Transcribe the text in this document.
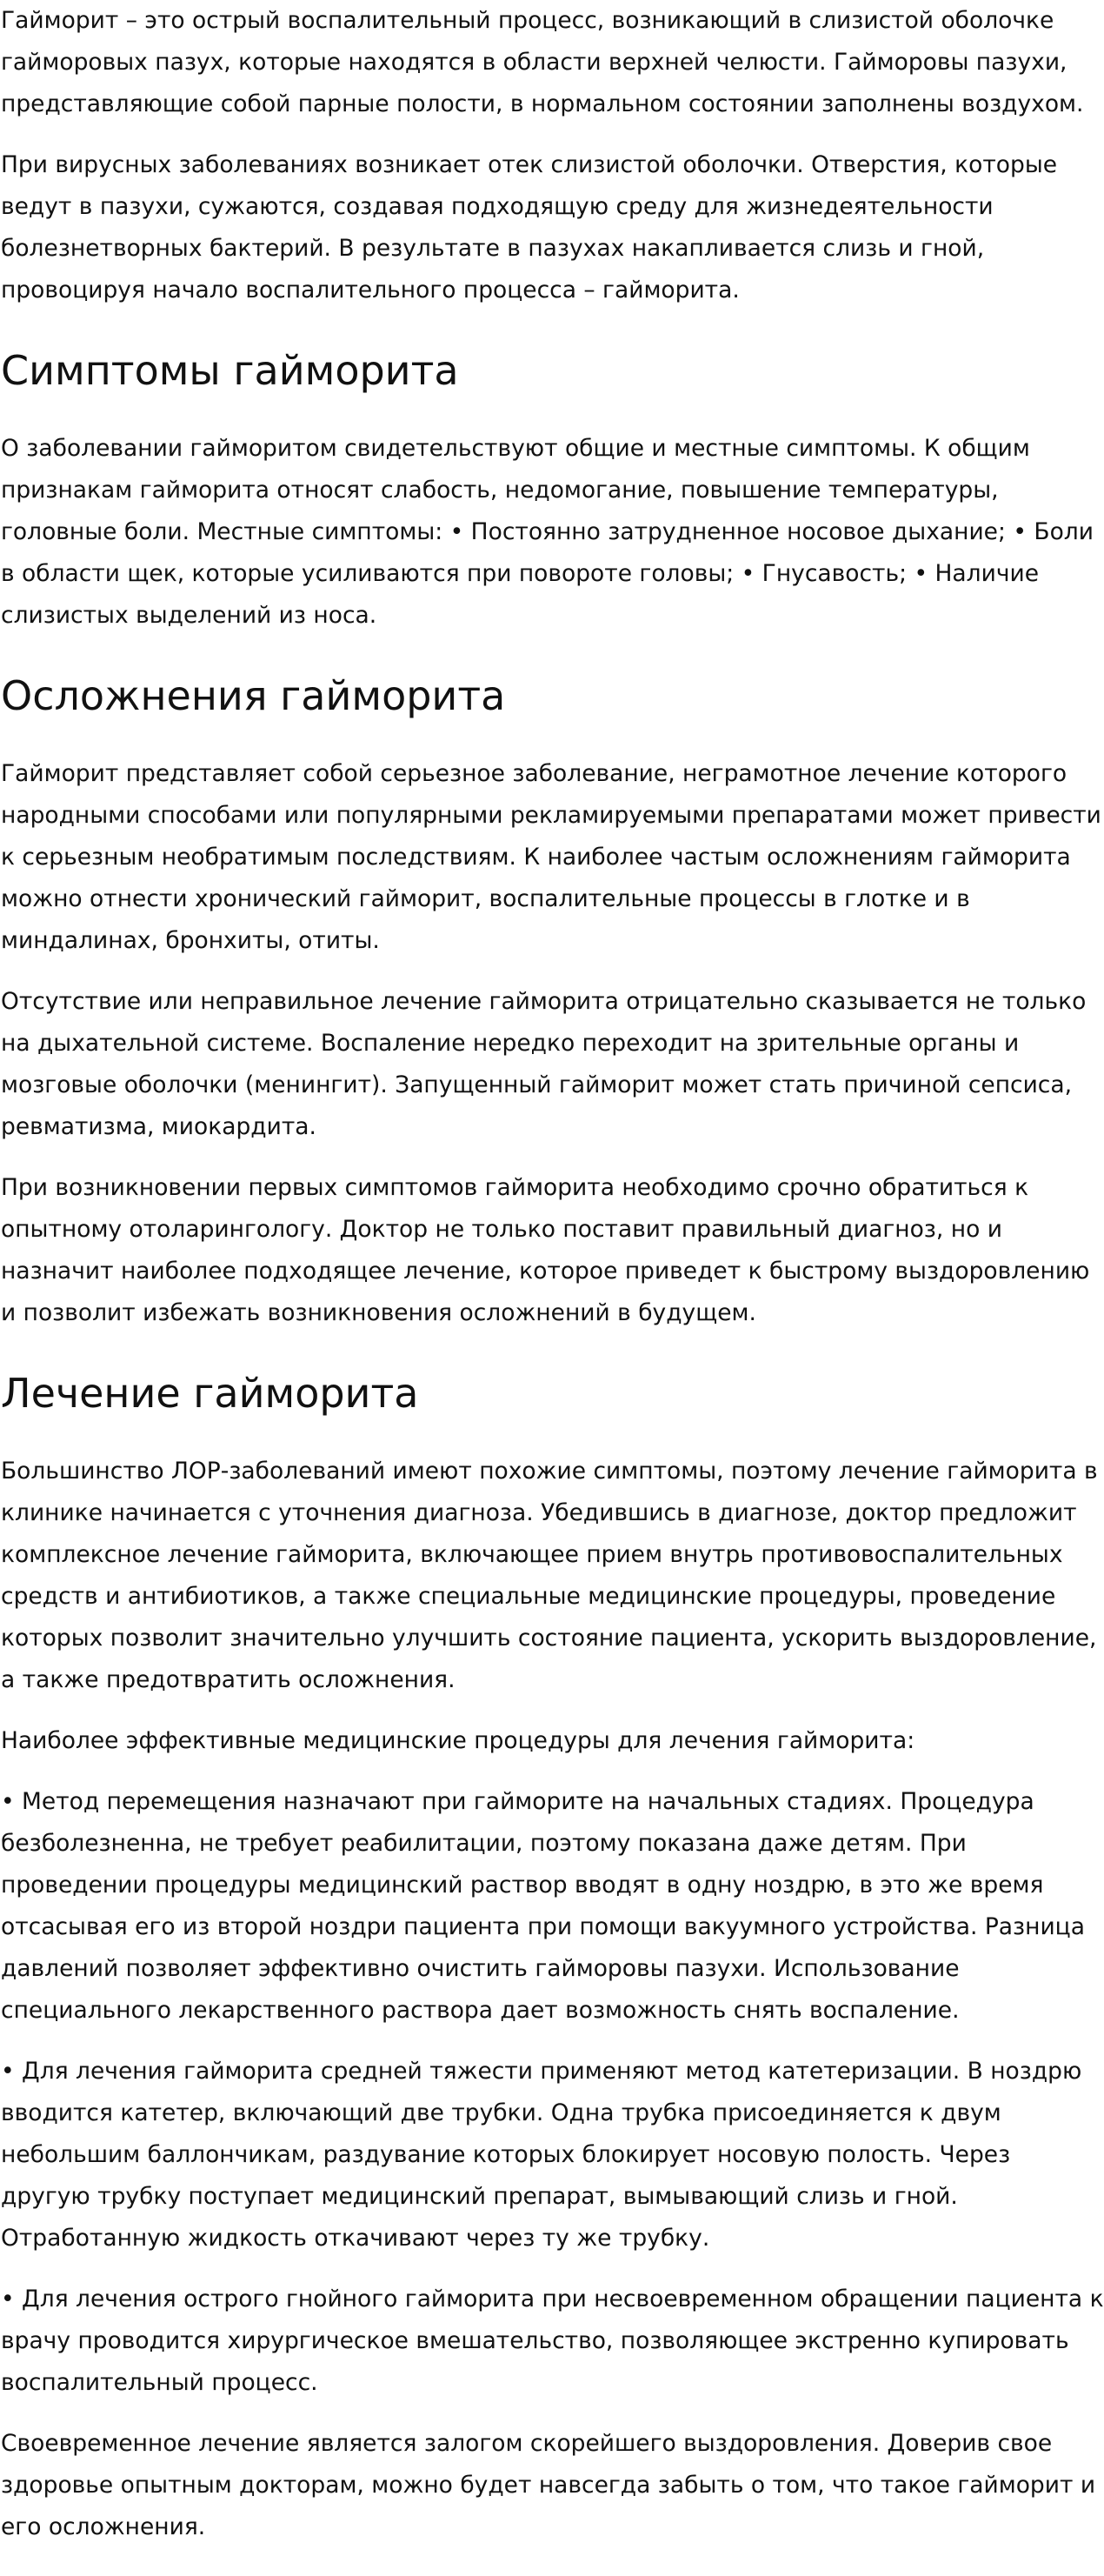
Гайморит – это острый воспалительный процесс, возникающий в слизистой оболочке гайморовых пазух, которые находятся в области верхней челюсти. Гайморовы пазухи, представляющие собой парные полости, в нормальном состоянии заполнены воздухом.

При вирусных заболеваниях возникает отек слизистой оболочки. Отверстия, которые ведут в пазухи, сужаются, создавая подходящую среду для жизнедеятельности болезнетворных бактерий. В результате в пазухах накапливается слизь и гной, провоцируя начало воспалительного процесса – гайморита.

Симптомы гайморита

О заболевании гайморитом свидетельствуют общие и местные симптомы. К общим признакам гайморита относят слабость, недомогание, повышение температуры, головные боли. Местные симптомы: • Постоянно затрудненное носовое дыхание; • Боли в области щек, которые усиливаются при повороте головы; • Гнусавость; • Наличие слизистых выделений из носа.

Осложнения гайморита

Гайморит представляет собой серьезное заболевание, неграмотное лечение которого народными способами или популярными рекламируемыми препаратами может привести к серьезным необратимым последствиям. К наиболее частым осложнениям гайморита можно отнести хронический гайморит, воспалительные процессы в глотке и в миндалинах, бронхиты, отиты.

Отсутствие или неправильное лечение гайморита отрицательно сказывается не только на дыхательной системе. Воспаление нередко переходит на зрительные органы и мозговые оболочки (менингит). Запущенный гайморит может стать причиной сепсиса, ревматизма, миокардита.

При возникновении первых симптомов гайморита необходимо срочно обратиться к опытному отоларингологу. Доктор не только поставит правильный диагноз, но и назначит наиболее подходящее лечение, которое приведет к быстрому выздоровлению и позволит избежать возникновения осложнений в будущем.

Лечение гайморита

Большинство ЛОР-заболеваний имеют похожие симптомы, поэтому лечение гайморита в клинике начинается с уточнения диагноза. Убедившись в диагнозе, доктор предложит комплексное лечение гайморита, включающее прием внутрь противовоспалительных средств и антибиотиков, а также специальные медицинские процедуры, проведение которых позволит значительно улучшить состояние пациента, ускорить выздоровление, а также предотвратить осложнения.

Наиболее эффективные медицинские процедуры для лечения гайморита:

• Метод перемещения назначают при гайморите на начальных стадиях. Процедура безболезненна, не требует реабилитации, поэтому показана даже детям. При проведении процедуры медицинский раствор вводят в одну ноздрю, в это же время отсасывая его из второй ноздри пациента при помощи вакуумного устройства. Разница давлений позволяет эффективно очистить гайморовы пазухи. Использование специального лекарственного раствора дает возможность снять воспаление.

• Для лечения гайморита средней тяжести применяют метод катетеризации. В ноздрю вводится катетер, включающий две трубки. Одна трубка присоединяется к двум небольшим баллончикам, раздувание которых блокирует носовую полость. Через другую трубку поступает медицинский препарат, вымывающий слизь и гной. Отработанную жидкость откачивают через ту же трубку.

• Для лечения острого гнойного гайморита при несвоевременном обращении пациента к врачу проводится хирургическое вмешательство, позволяющее экстренно купировать воспалительный процесс.

Своевременное лечение является залогом скорейшего выздоровления. Доверив свое здоровье опытным докторам, можно будет навсегда забыть о том, что такое гайморит и его осложнения.
